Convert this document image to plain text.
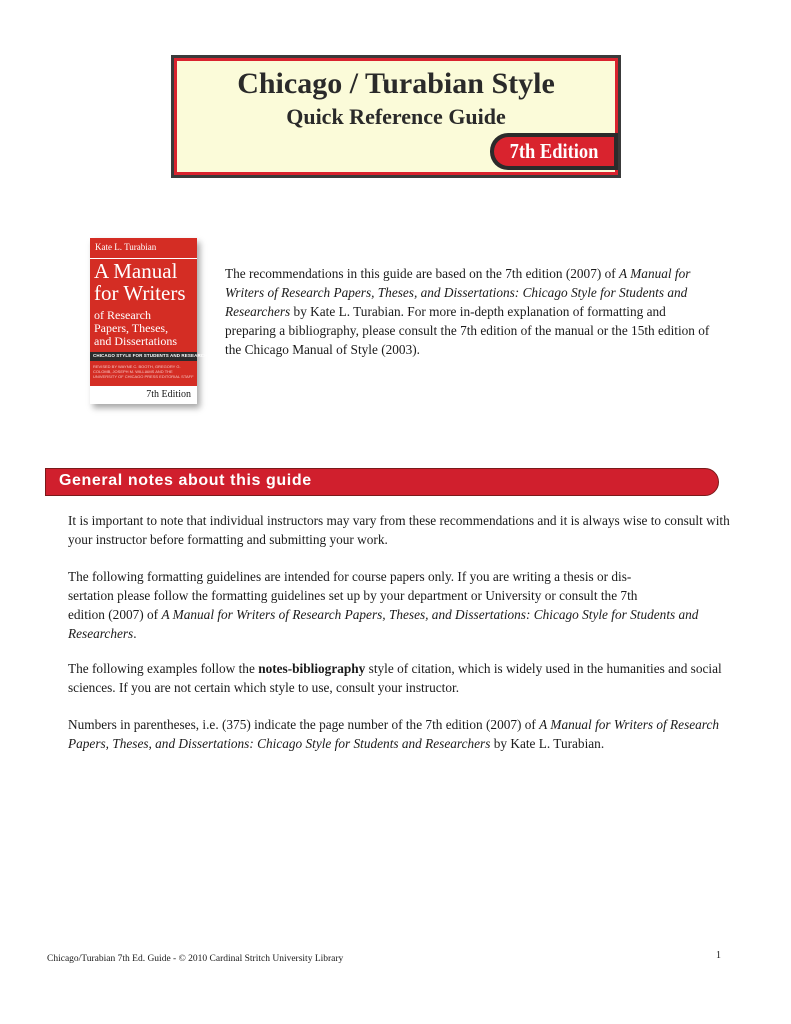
Chicago / Turabian Style
Quick Reference Guide
7th Edition
Kate L. Turabian
A Manual
for Writers
of Research
Papers, Theses,
and Dissertations
CHICAGO STYLE FOR STUDENTS AND RESEARCHERS
REVISED BY WAYNE C. BOOTH, GREGORY G. COLOMB, JOSEPH M. WILLIAMS AND THE UNIVERSITY OF CHICAGO PRESS EDITORIAL STAFF
7th Edition
The recommendations in this guide are based on the 7th edition (2007) of A Manual for Writers of Research Papers, Theses, and Dissertations: Chicago Style for Students and Researchers by Kate L. Turabian. For more in-depth explanation of formatting and preparing a bibliography, please consult the 7th edition of the manual or the 15th edition of the Chicago Manual of Style (2003).
General notes about this guide
It is important to note that individual instructors may vary from these recommendations and it is always wise to consult with your instructor before formatting and submitting your work.
The following formatting guidelines are intended for course papers only. If you are writing a thesis or dis-
sertation please follow the formatting guidelines set up by your department or University or consult the 7th
edition (2007) of A Manual for Writers of Research Papers, Theses, and Dissertations: Chicago Style for Students and Researchers.
The following examples follow the notes-bibliography style of citation, which is widely used in the humanities and social sciences. If you are not certain which style to use, consult your instructor.
Numbers in parentheses, i.e. (375) indicate the page number of the 7th edition (2007) of A Manual for Writers of Research Papers, Theses, and Dissertations: Chicago Style for Students and Researchers by Kate L. Turabian.
Chicago/Turabian 7th Ed. Guide - © 2010 Cardinal Stritch University Library	1
